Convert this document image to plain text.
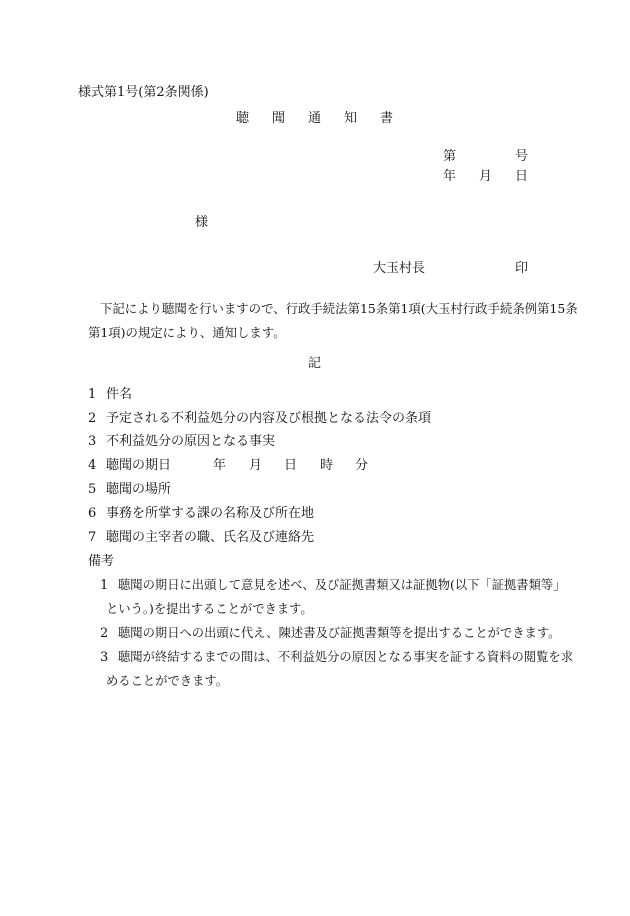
様式第1号(第2条関係)
聴 聞 通 知 書
第	号
年 月 日
様
大玉村長	印
下記により聴聞を行いますので、行政手続法第15条第1項(大玉村行政手続条例第15条
第1項)の規定により、通知します。
記
1 件名
2 予定される不利益処分の内容及び根拠となる法令の条項
3 不利益処分の原因となる事実
4 聴聞の期日	年 月 日 時 分
5 聴聞の場所
6 事務を所掌する課の名称及び所在地
7 聴聞の主宰者の職、氏名及び連絡先
備考
1 聴聞の期日に出頭して意見を述べ、及び証拠書類又は証拠物(以下「証拠書類等」
という。)を提出することができます。
2 聴聞の期日への出頭に代え、陳述書及び証拠書類等を提出することができます。
3 聴聞が終結するまでの間は、不利益処分の原因となる事実を証する資料の閲覧を求
めることができます。
